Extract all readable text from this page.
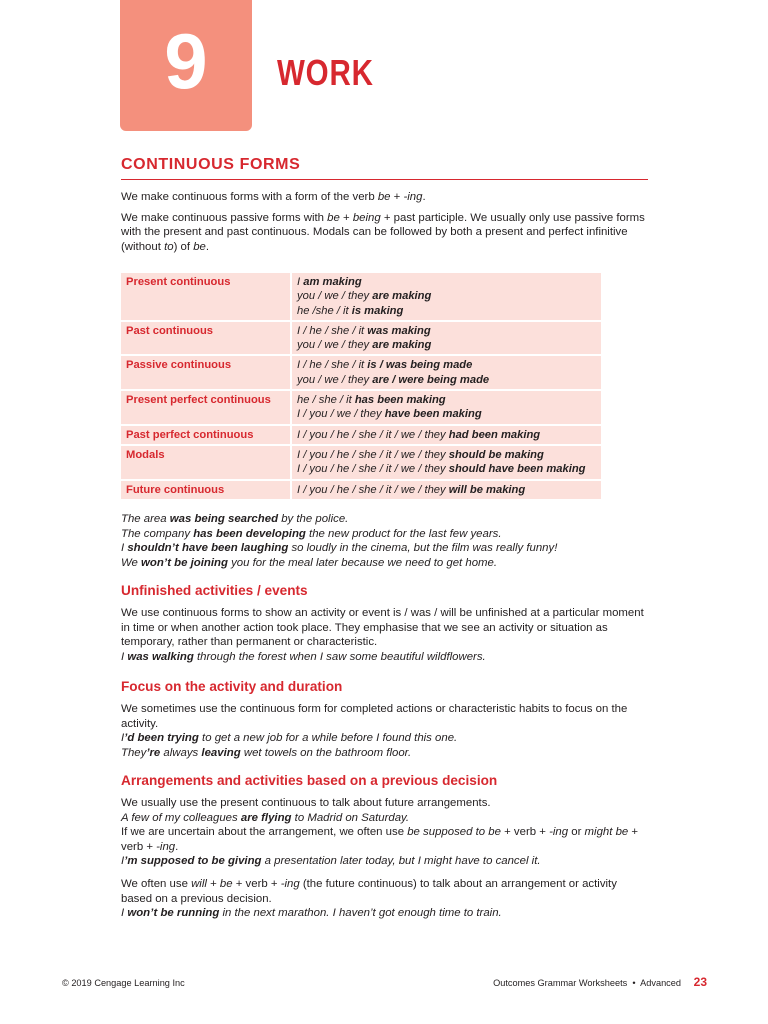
9 WORK
CONTINUOUS FORMS

We make continuous forms with a form of the verb be + -ing.

We make continuous passive forms with be + being + past participle. We usually only use passive forms with the present and past continuous. Modals can be followed by both a present and perfect infinitive (without to) of be.

Present continuous	I am making
you / we / they are making
he /she / it is making

Past continuous	I / he / she / it was making
you / we / they are making

Passive continuous	I / he / she / it is / was being made
you / we / they are / were being made

Present perfect continuous	he / she / it has been making
I / you / we / they have been making

Past perfect continuous	I / you / he / she / it / we / they had been making

Modals	I / you / he / she / it / we / they should be making
I / you / he / she / it / we / they should have been making

Future continuous	I / you / he / she / it / we / they will be making
The area was being searched by the police.
The company has been developing the new product for the last few years.
I shouldn’t have been laughing so loudly in the cinema, but the film was really funny!
We won’t be joining you for the meal later because we need to get home.
Unfinished activities / events

We use continuous forms to show an activity or event is / was / will be unfinished at a particular moment in time or when another action took place. They emphasise that we see an activity or situation as temporary, rather than permanent or characteristic.

I was walking through the forest when I saw some beautiful wildflowers.
Focus on the activity and duration

We sometimes use the continuous form for completed actions or characteristic habits to focus on the activity.

I’d been trying to get a new job for a while before I found this one.
They’re always leaving wet towels on the bathroom floor.
Arrangements and activities based on a previous decision

We usually use the present continuous to talk about future arrangements.

A few of my colleagues are flying to Madrid on Saturday.

If we are uncertain about the arrangement, we often use be supposed to be + verb + -ing or might be + verb + -ing.

I’m supposed to be giving a presentation later today, but I might have to cancel it.

We often use will + be + verb + -ing (the future continuous) to talk about an arrangement or activity based on a previous decision.

I won’t be running in the next marathon. I haven’t got enough time to train.
© 2019 Cengage Learning Inc	Outcomes Grammar Worksheets  •  Advanced 23
